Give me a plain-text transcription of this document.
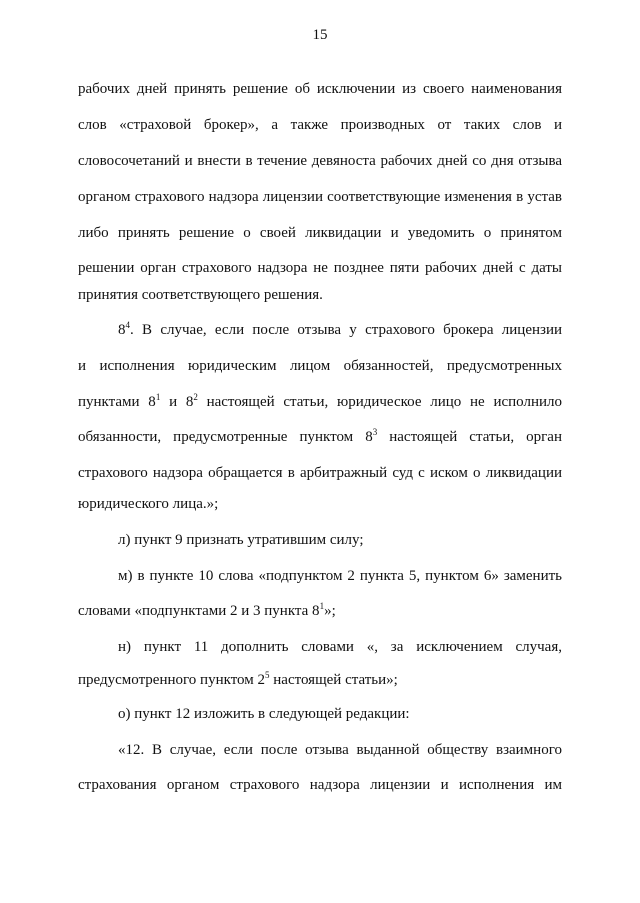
15
рабочих дней принять решение об исключении из своего наименования
слов «страховой брокер», а также производных от таких слов и
словосочетаний и внести в течение девяноста рабочих дней со дня отзыва
органом страхового надзора лицензии соответствующие изменения в устав
либо принять решение о своей ликвидации и уведомить о принятом
решении орган страхового надзора не позднее пяти рабочих дней с даты
принятия соответствующего решения.
$8^4$. В случае, если после отзыва у страхового брокера лицензии
и исполнения юридическим лицом обязанностей, предусмотренных
пунктами $8^1$ и $8^2$ настоящей статьи, юридическое лицо не исполнило
обязанности, предусмотренные пунктом $8^3$ настоящей статьи, орган
страхового надзора обращается в арбитражный суд с иском о ликвидации
юридического лица.»;
л) пункт 9 признать утратившим силу;
м) в пункте 10 слова «подпунктом 2 пункта 5, пунктом 6» заменить
словами «подпунктами 2 и 3 пункта $8^1$»;
н) пункт 11 дополнить словами «, за исключением случая,
предусмотренного пунктом $2^5$ настоящей статьи»;
о) пункт 12 изложить в следующей редакции:
«12. В случае, если после отзыва выданной обществу взаимного
страхования органом страхового надзора лицензии и исполнения им
